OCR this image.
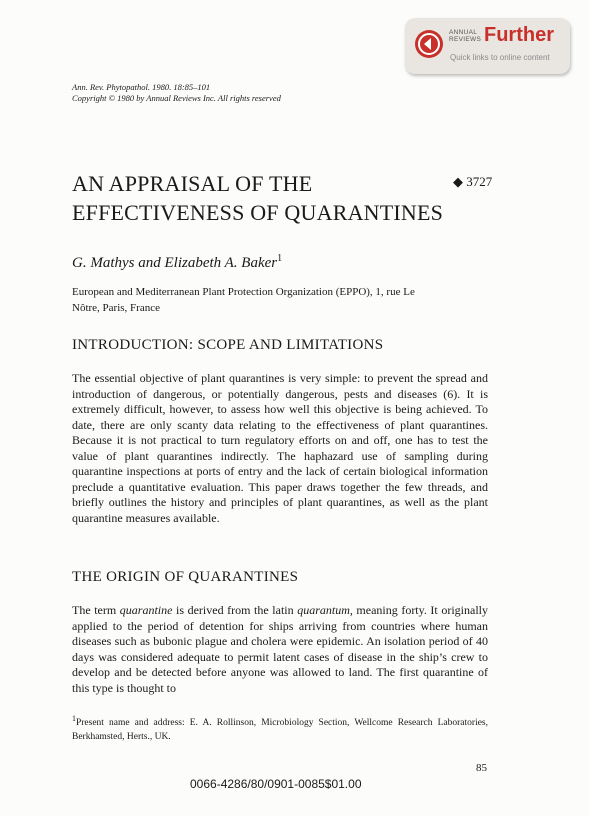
ANNUAL
REVIEWS Further
Quick links to online content
Ann. Rev. Phytopathol. 1980. 18:85–101
Copyright © 1980 by Annual Reviews Inc. All rights reserved
AN APPRAISAL OF THE
EFFECTIVENESS OF QUARANTINES
◆ 3727
G. Mathys and Elizabeth A. Baker$^1$
European and Mediterranean Plant Protection Organization (EPPO), 1, rue Le
Nôtre, Paris, France
INTRODUCTION: SCOPE AND LIMITATIONS
The essential objective of plant quarantines is very simple: to prevent the spread and introduction of dangerous, or potentially dangerous, pests and diseases (6). It is extremely difficult, however, to assess how well this objective is being achieved. To date, there are only scanty data relating to the effectiveness of plant quarantines. Because it is not practical to turn regulatory efforts on and off, one has to test the value of plant quarantines indirectly. The haphazard use of sampling during quarantine inspections at ports of entry and the lack of certain biological information preclude a quantitative evaluation. This paper draws together the few threads, and briefly outlines the history and principles of plant quarantines, as well as the plant quarantine measures available.
THE ORIGIN OF QUARANTINES
The term quarantine is derived from the latin quarantum, meaning forty. It originally applied to the period of detention for ships arriving from countries where human diseases such as bubonic plague and cholera were epidemic. An isolation period of 40 days was considered adequate to permit latent cases of disease in the ship’s crew to develop and be detected before anyone was allowed to land. The first quarantine of this type is thought to
$^1$Present name and address: E. A. Rollinson, Microbiology Section, Wellcome Research Laboratories, Berkhamsted, Herts., UK.
85
0066-4286/80/0901-0085$01.00
